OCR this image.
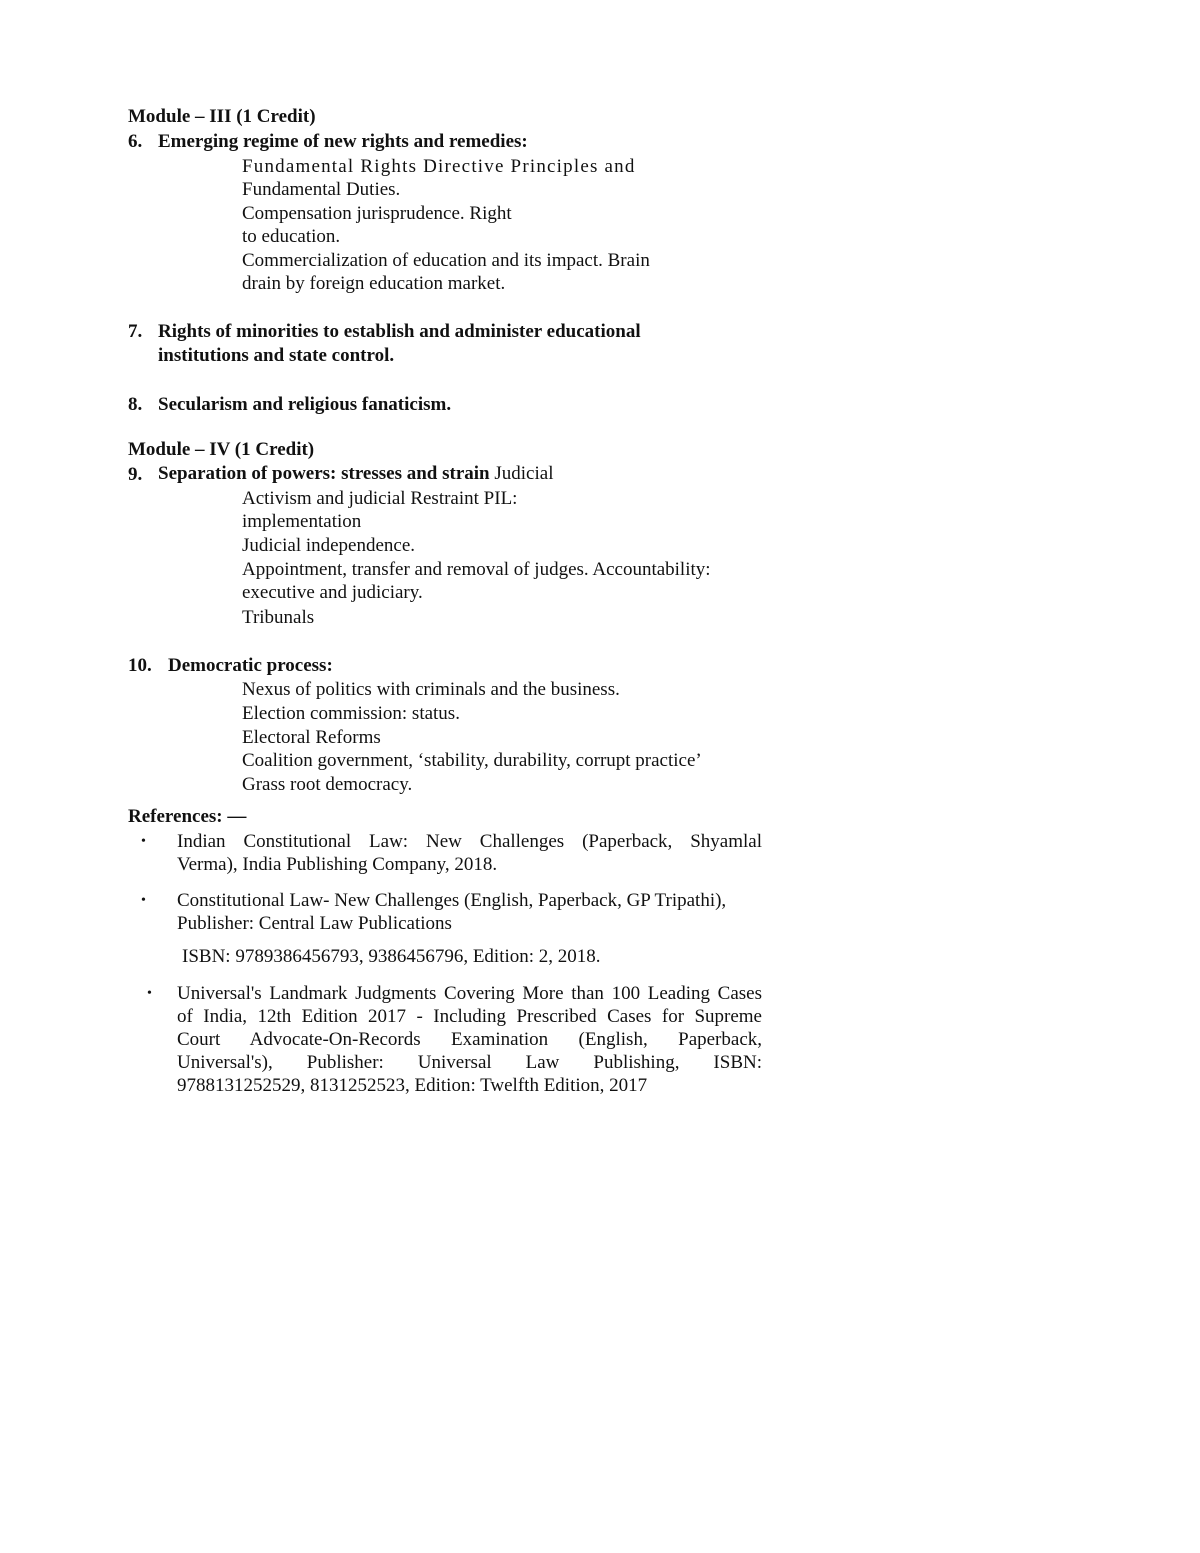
Module – III (1 Credit)
6. Emerging regime of new rights and remedies:
Fundamental Rights Directive Principles and
Fundamental Duties.
Compensation jurisprudence. Right
to education.
Commercialization of education and its impact. Brain
drain by foreign education market.
7. Rights of minorities to establish and administer educational
institutions and state control.
8. Secularism and religious fanaticism.
Module – IV (1 Credit)
9. Separation of powers: stresses and strain Judicial
Activism and judicial Restraint PIL:
implementation
Judicial independence.
Appointment, transfer and removal of judges. Accountability:
executive and judiciary.
Tribunals
10. Democratic process:
Nexus of politics with criminals and the business.
Election commission: status.
Electoral Reforms
Coalition government, ‘stability, durability, corrupt practice’
Grass root democracy.
References: —
• Indian Constitutional Law: New Challenges (Paperback, Shyamlal
Verma), India Publishing Company, 2018.
• Constitutional Law- New Challenges (English, Paperback, GP Tripathi),
Publisher: Central Law Publications
ISBN: 9789386456793, 9386456796, Edition: 2, 2018.
• Universal's Landmark Judgments Covering More than 100 Leading Cases
of India, 12th Edition 2017 - Including Prescribed Cases for Supreme
Court Advocate-On-Records Examination (English, Paperback,
Universal's), Publisher: Universal Law Publishing, ISBN:
9788131252529, 8131252523, Edition: Twelfth Edition, 2017
